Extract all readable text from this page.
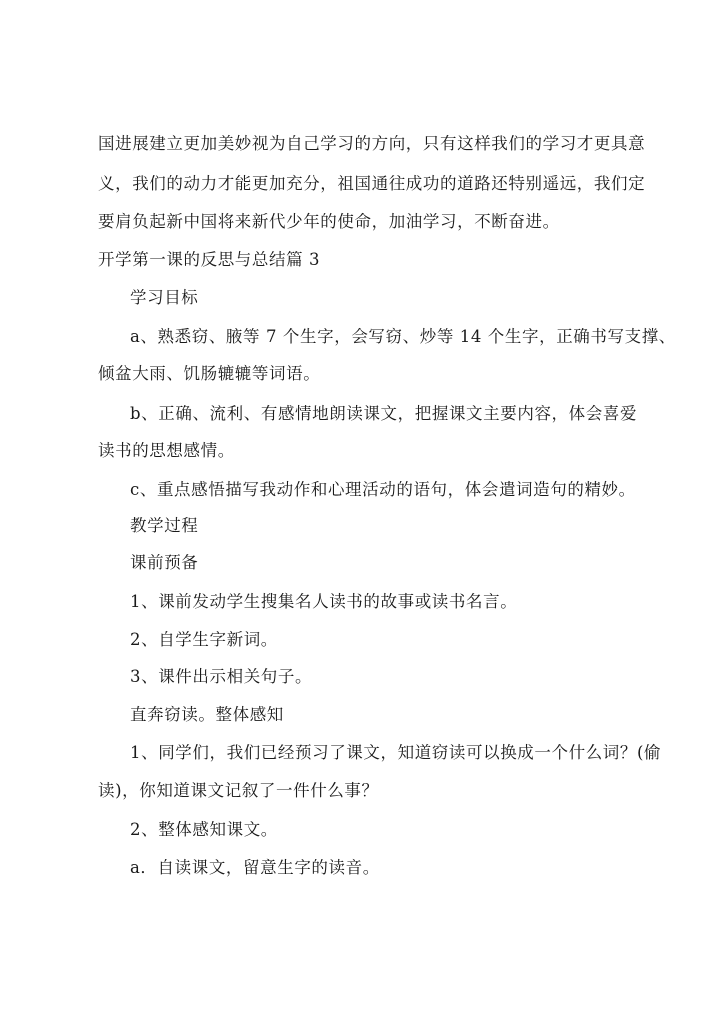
国进展建立更加美妙视为自己学习的方向，只有这样我们的学习才更具意
义，我们的动力才能更加充分，祖国通往成功的道路还特别遥远，我们定
要肩负起新中国将来新代少年的使命，加油学习，不断奋进。
开学第一课的反思与总结篇 3
学习目标
a、熟悉窃、腋等 7 个生字，会写窃、炒等 14 个生字，正确书写支撑、
倾盆大雨、饥肠辘辘等词语。
b、正确、流利、有感情地朗读课文，把握课文主要内容，体会喜爱
读书的思想感情。
c、重点感悟描写我动作和心理活动的语句，体会遣词造句的精妙。
教学过程
课前预备
1、课前发动学生搜集名人读书的故事或读书名言。
2、自学生字新词。
3、课件出示相关句子。
直奔窃读。整体感知
1、同学们，我们已经预习了课文，知道窃读可以换成一个什么词？(偷
读)，你知道课文记叙了一件什么事？
2、整体感知课文。
a．自读课文，留意生字的读音。
